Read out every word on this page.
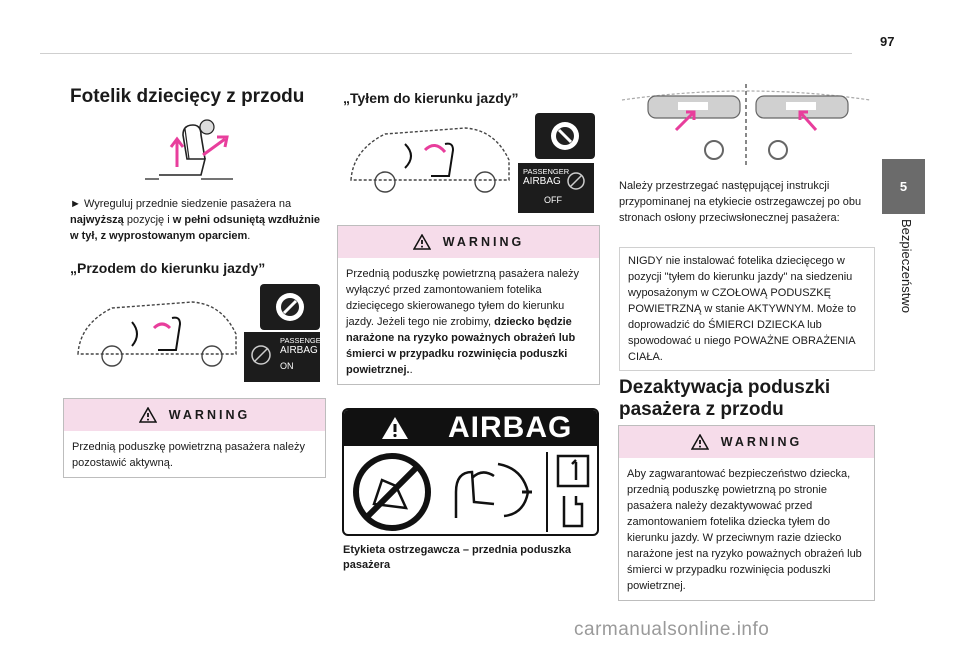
97
5
Bezpieczeństwo
Fotelik dziecięcy z przodu

► Wyreguluj przednie siedzenie pasażera na najwyższą pozycję i w pełni odsuniętą wzdłużnie w tył, z wyprostowanym oparciem.

„Przodem do kierunku jazdy”
PASSENGER
AIRBAG
ON
WARNING
Przednią poduszkę powietrzną pasażera należy pozostawić aktywną.
„Tyłem do kierunku jazdy”
PASSENGER
AIRBAG
OFF
WARNING
Przednią poduszkę powietrzną pasażera należy wyłączyć przed zamontowaniem fotelika dziecięcego skierowanego tyłem do kierunku jazdy. Jeżeli tego nie zrobimy, dziecko będzie narażone na ryzyko poważnych obrażeń lub śmierci w przypadku rozwinięcia poduszki powietrznej..
AIRBAG
Etykieta ostrzegawcza – przednia poduszka pasażera

Należy przestrzegać następującej instrukcji przypominanej na etykiecie ostrzegawczej po obu stronach osłony przeciwsłonecznej pasażera:

NIGDY nie instalować fotelika dziecięcego w pozycji "tyłem do kierunku jazdy" na siedzeniu wyposażonym w CZOŁOWĄ PODUSZKĘ POWIETRZNĄ w stanie AKTYWNYM. Może to doprowadzić do ŚMIERCI DZIECKA lub spowodować u niego POWAŻNE OBRAŻENIA CIAŁA.
Dezaktywacja poduszki pasażera z przodu
WARNING
Aby zagwarantować bezpieczeństwo dziecka, przednią poduszkę powietrzną po stronie pasażera należy dezaktywować przed zamontowaniem fotelika dziecka tyłem do kierunku jazdy. W przeciwnym razie dziecko narażone jest na ryzyko poważnych obrażeń lub śmierci w przypadku rozwinięcia poduszki powietrznej.
carmanualsonline.info
